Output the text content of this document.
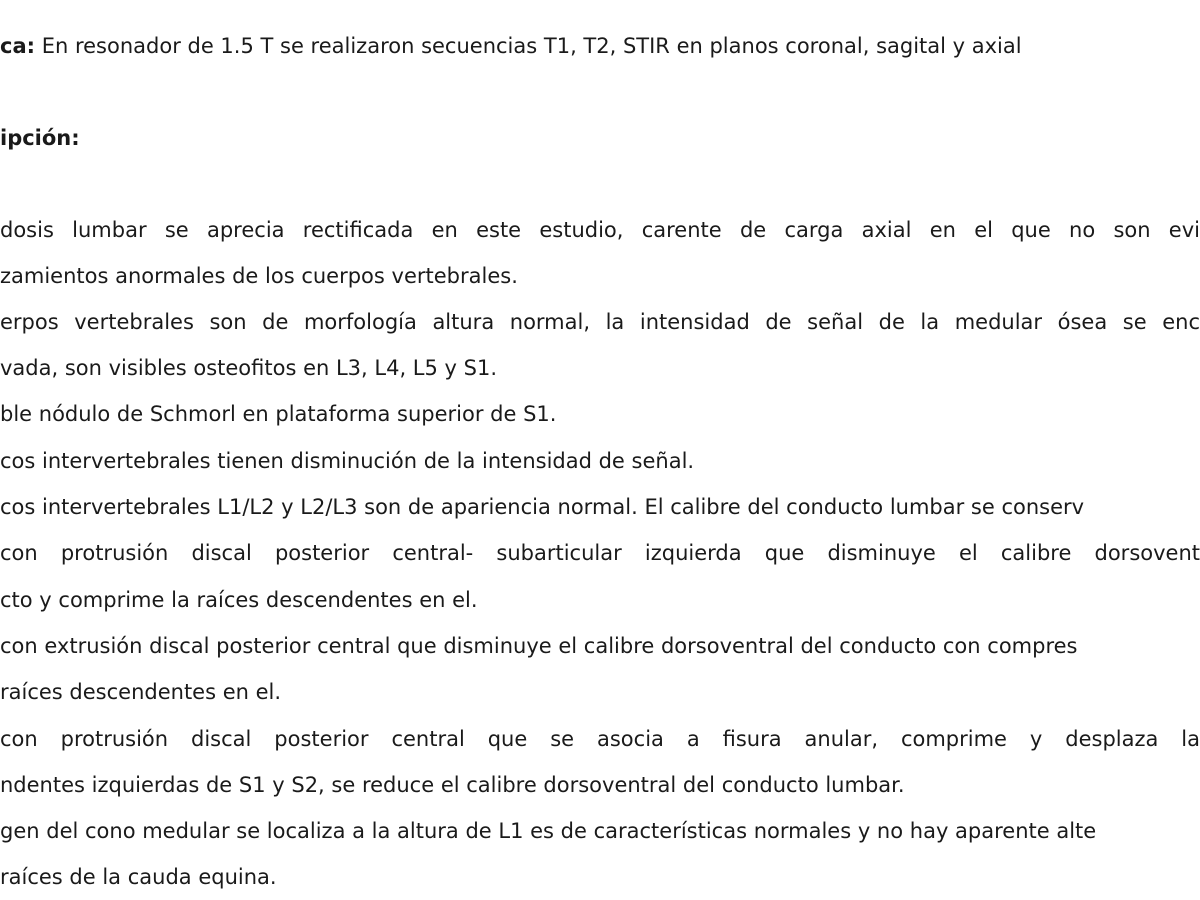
ca: En resonador de 1.5 T se realizaron secuencias T1, T2, STIR en planos coronal, sagital y axial
ipción:
dosis lumbar se aprecia rectificada en este estudio, carente de carga axial en el que no son evi
zamientos anormales de los cuerpos vertebrales.
erpos vertebrales son de morfología altura normal, la intensidad de señal de la medular ósea se enc
vada, son visibles osteofitos en L3, L4, L5 y S1.
ble nódulo de Schmorl en plataforma superior de S1.
cos intervertebrales tienen disminución de la intensidad de señal.
cos intervertebrales L1/L2 y L2/L3 son de apariencia normal. El calibre del conducto lumbar se conserv
con protrusión discal posterior central- subarticular izquierda que disminuye el calibre dorsovent
cto y comprime la raíces descendentes en el.
con extrusión discal posterior central que disminuye el calibre dorsoventral del conducto con compres
raíces descendentes en el.
con protrusión discal posterior central que se asocia a fisura anular, comprime y desplaza la
ndentes izquierdas de S1 y S2, se reduce el calibre dorsoventral del conducto lumbar.
gen del cono medular se localiza a la altura de L1 es de características normales y no hay aparente alte
raíces de la cauda equina.
